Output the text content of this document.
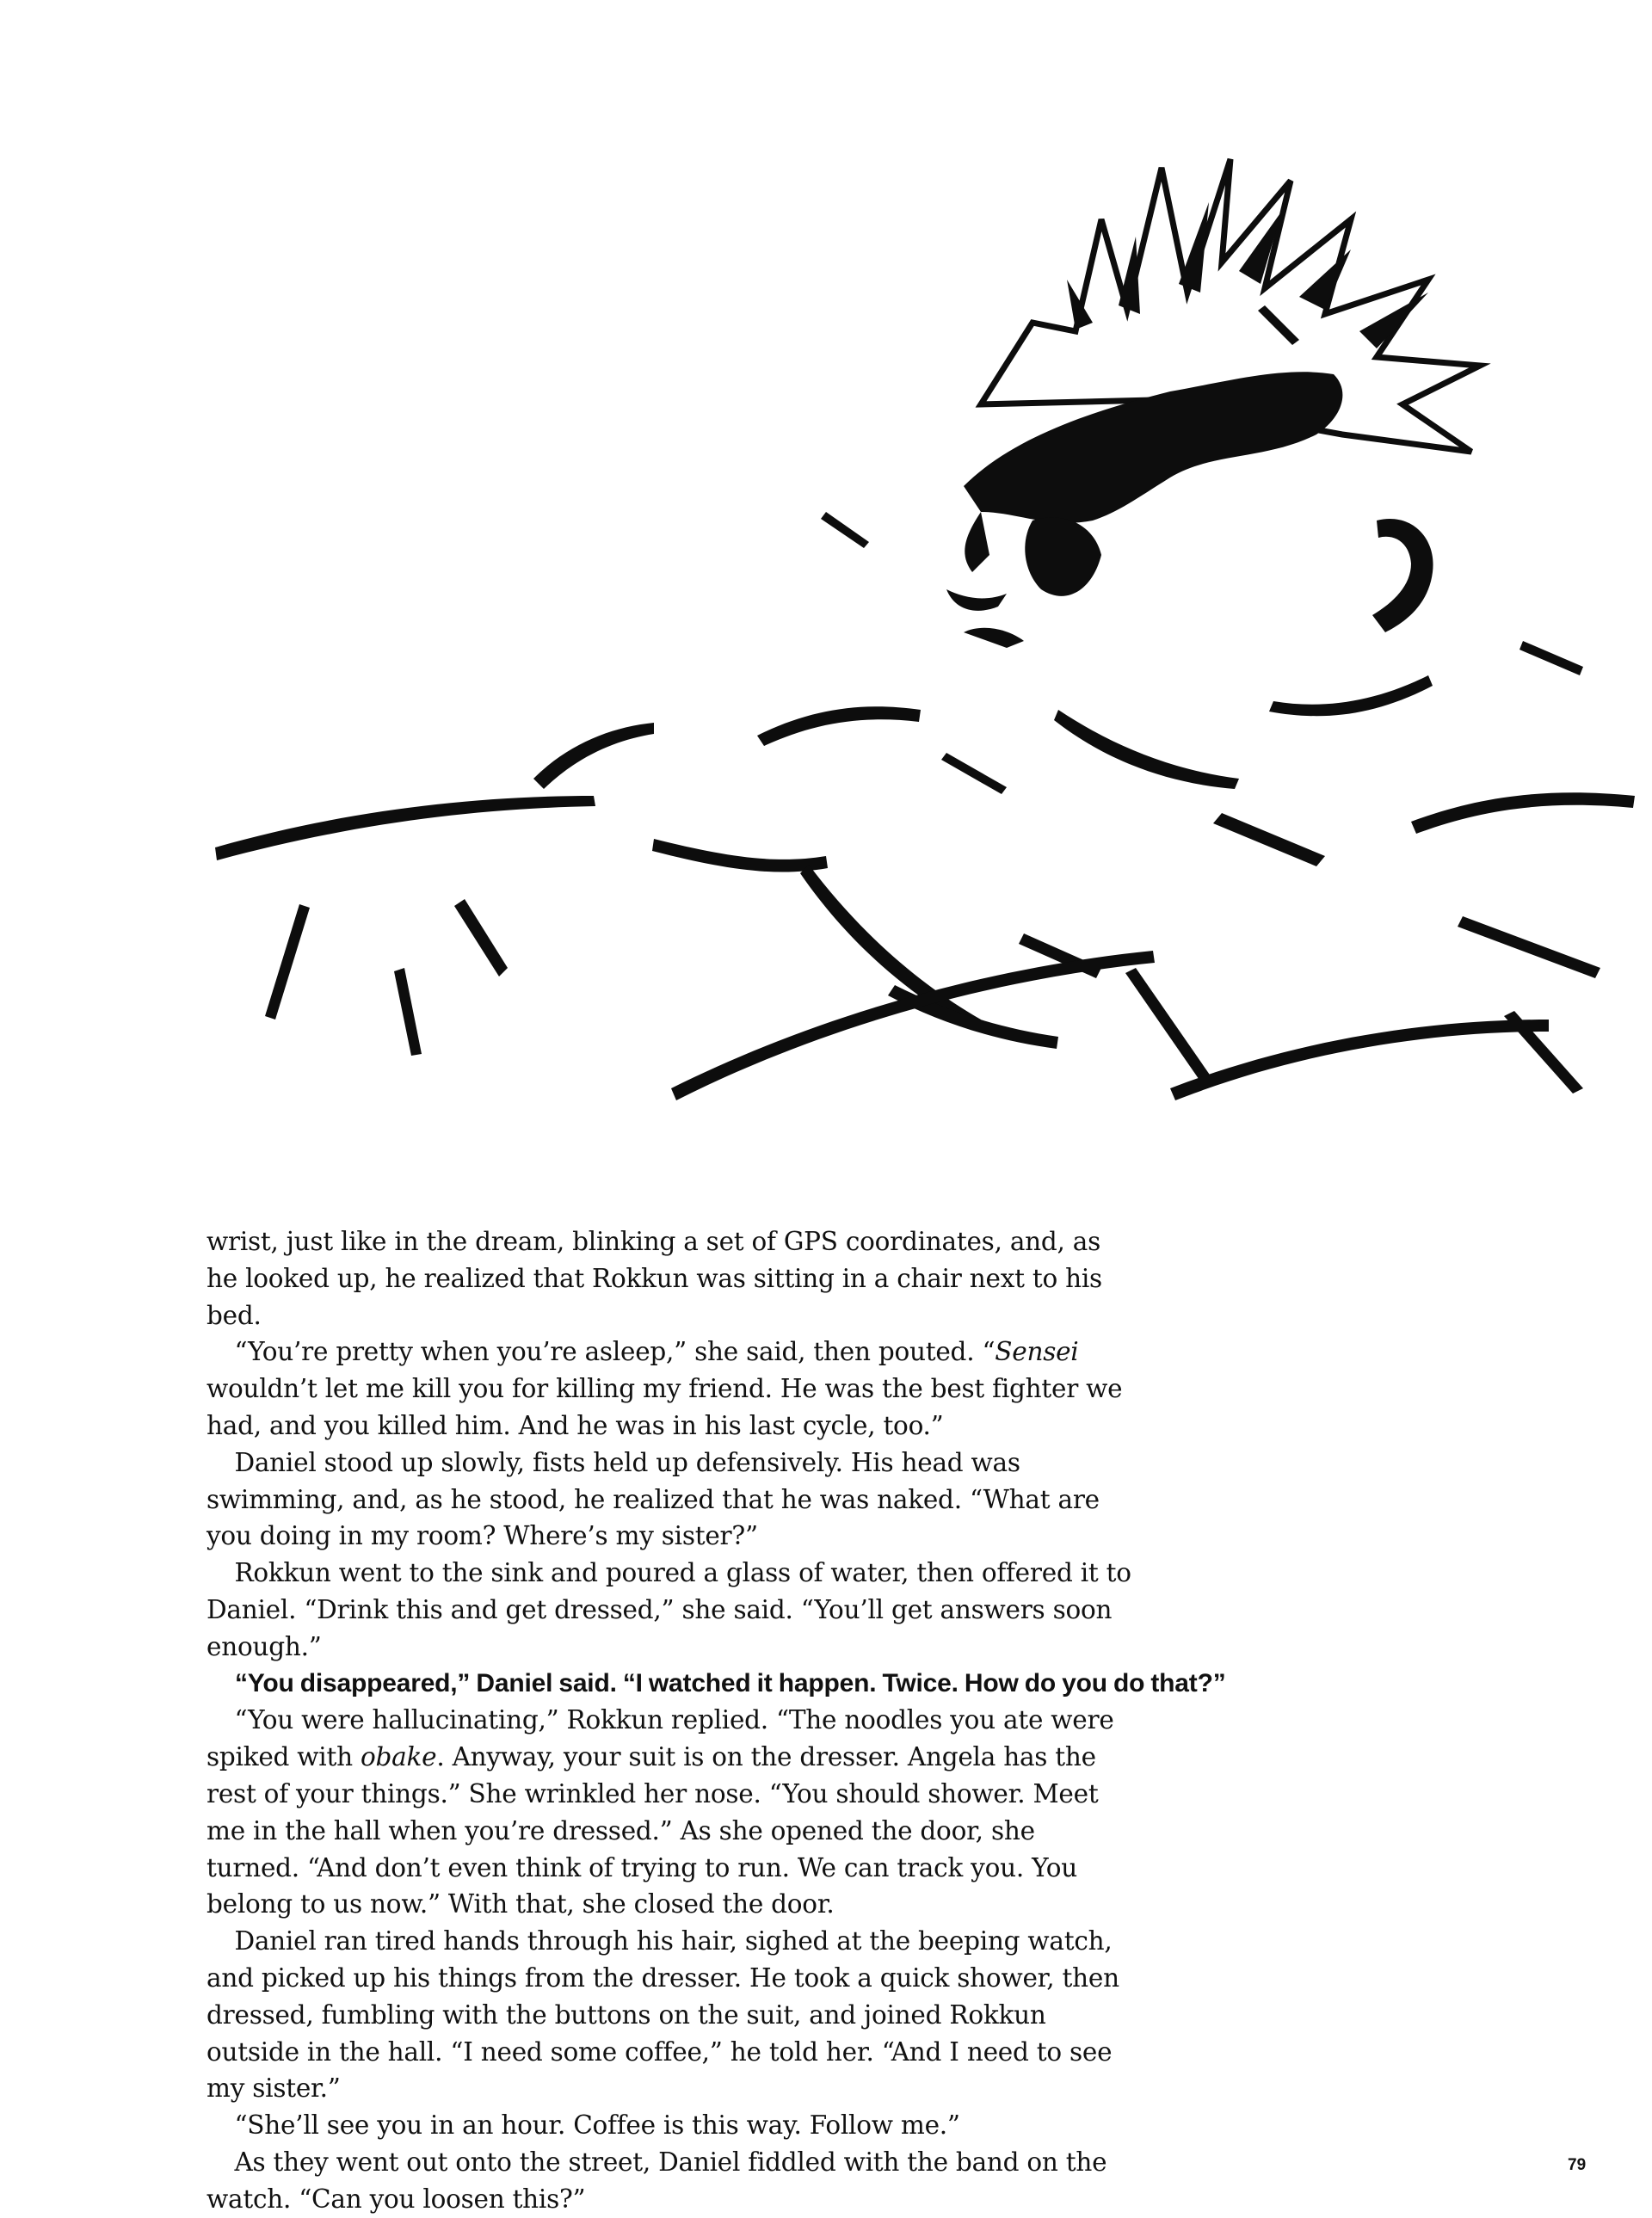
wrist, just like in the dream, blinking a set of GPS coordinates, and, as he looked up, he realized that Rokkun was sitting in a chair next to his bed.

“You’re pretty when you’re asleep,” she said, then pouted. “Sensei wouldn’t let me kill you for killing my friend. He was the best fighter we had, and you killed him. And he was in his last cycle, too.”

Daniel stood up slowly, fists held up defensively. His head was swimming, and, as he stood, he realized that he was naked. “What are you doing in my room? Where’s my sister?”

Rokkun went to the sink and poured a glass of water, then offered it to Daniel. “Drink this and get dressed,” she said. “You’ll get answers soon enough.”

“You disappeared,” Daniel said. “I watched it happen. Twice. How do you do that?”

“You were hallucinating,” Rokkun replied. “The noodles you ate were spiked with obake. Anyway, your suit is on the dresser. Angela has the rest of your things.” She wrinkled her nose. “You should shower. Meet me in the hall when you’re dressed.” As she opened the door, she turned. “And don’t even think of trying to run. We can track you. You belong to us now.” With that, she closed the door.

Daniel ran tired hands through his hair, sighed at the beeping watch, and picked up his things from the dresser. He took a quick shower, then dressed, fumbling with the buttons on the suit, and joined Rokkun outside in the hall. “I need some coffee,” he told her. “And I need to see my sister.”

“She’ll see you in an hour. Coffee is this way. Follow me.”

As they went out onto the street, Daniel fiddled with the band on the watch. “Can you loosen this?”

79
